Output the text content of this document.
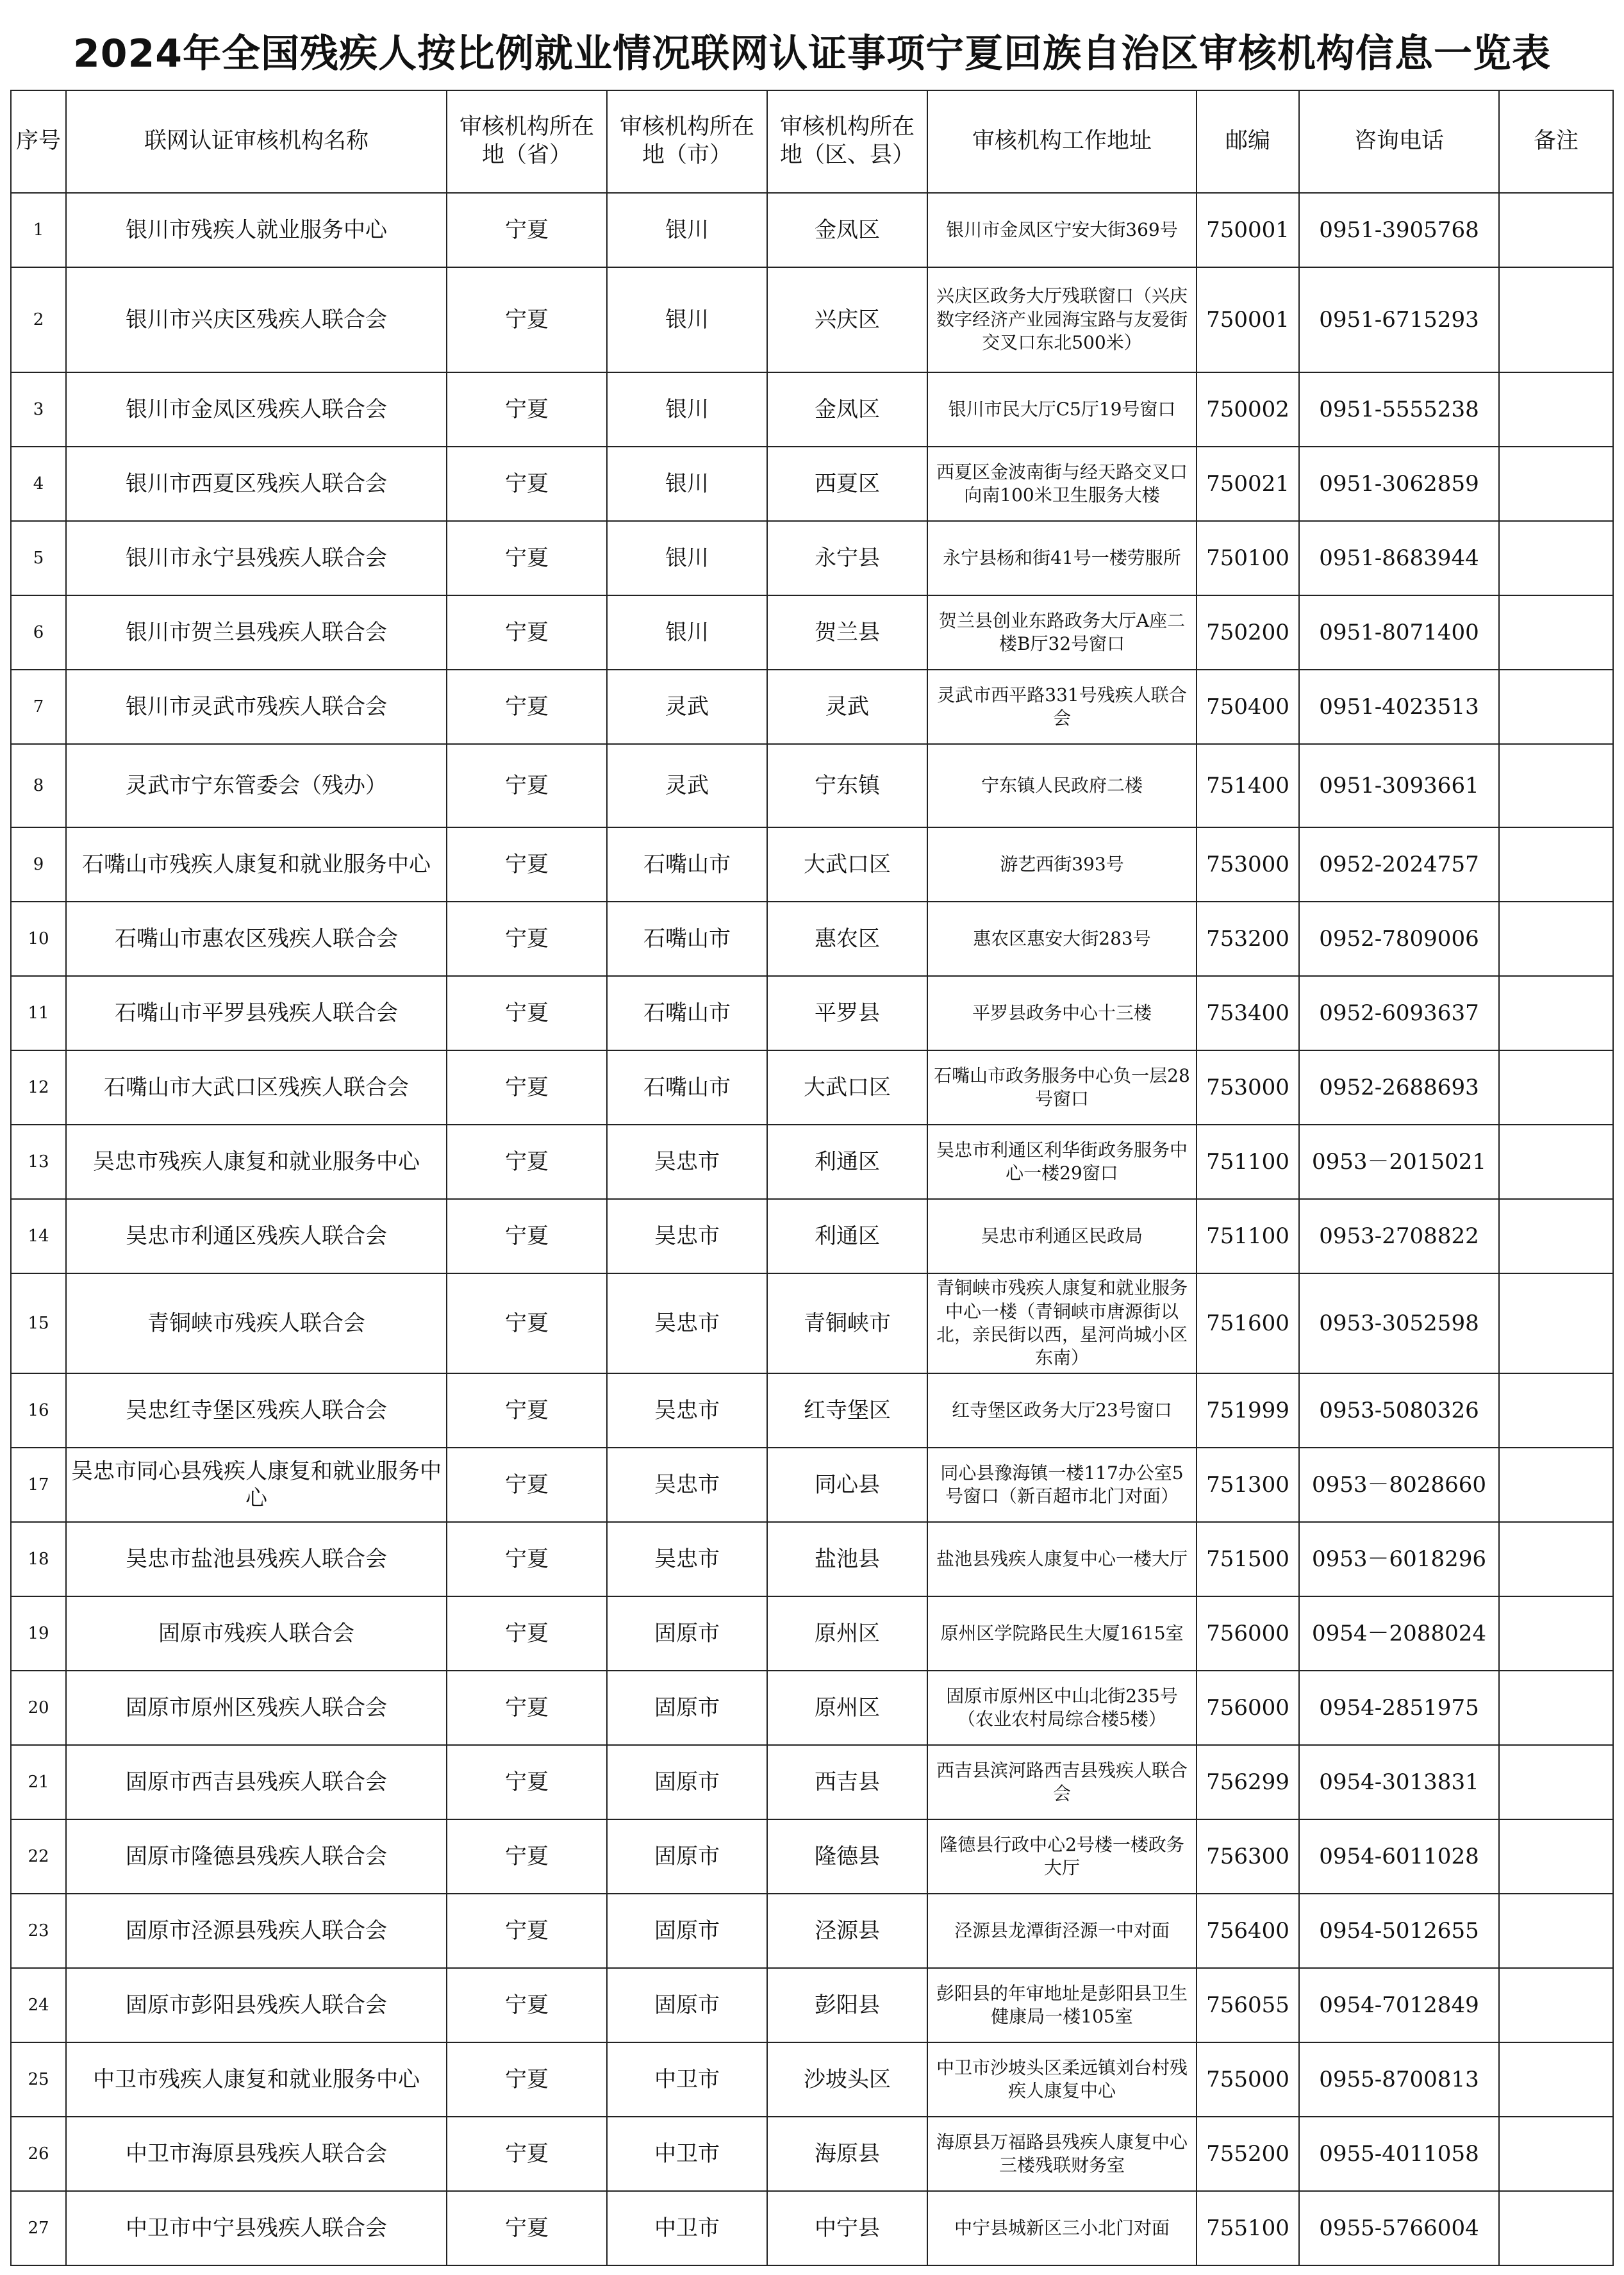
2024年全国残疾人按比例就业情况联网认证事项宁夏回族自治区审核机构信息一览表
序号	联网认证审核机构名称	审核机构所在地（省）	审核机构所在地（市）	审核机构所在地（区、县）	审核机构工作地址	邮编	咨询电话	备注
1	银川市残疾人就业服务中心	宁夏	银川	金凤区	银川市金凤区宁安大街369号	750001	0951-3905768	
2	银川市兴庆区残疾人联合会	宁夏	银川	兴庆区	兴庆区政务大厅残联窗口（兴庆数字经济产业园海宝路与友爱街交叉口东北500米）	750001	0951-6715293	
3	银川市金凤区残疾人联合会	宁夏	银川	金凤区	银川市民大厅C5厅19号窗口	750002	0951-5555238	
4	银川市西夏区残疾人联合会	宁夏	银川	西夏区	西夏区金波南街与经天路交叉口向南100米卫生服务大楼	750021	0951-3062859	
5	银川市永宁县残疾人联合会	宁夏	银川	永宁县	永宁县杨和街41号一楼劳服所	750100	0951-8683944	
6	银川市贺兰县残疾人联合会	宁夏	银川	贺兰县	贺兰县创业东路政务大厅A座二楼B厅32号窗口	750200	0951-8071400	
7	银川市灵武市残疾人联合会	宁夏	灵武	灵武	灵武市西平路331号残疾人联合会	750400	0951-4023513	
8	灵武市宁东管委会（残办）	宁夏	灵武	宁东镇	宁东镇人民政府二楼	751400	0951-3093661	
9	石嘴山市残疾人康复和就业服务中心	宁夏	石嘴山市	大武口区	游艺西街393号	753000	0952-2024757	
10	石嘴山市惠农区残疾人联合会	宁夏	石嘴山市	惠农区	惠农区惠安大街283号	753200	0952-7809006	
11	石嘴山市平罗县残疾人联合会	宁夏	石嘴山市	平罗县	平罗县政务中心十三楼	753400	0952-6093637	
12	石嘴山市大武口区残疾人联合会	宁夏	石嘴山市	大武口区	石嘴山市政务服务中心负一层28号窗口	753000	0952-2688693	
13	吴忠市残疾人康复和就业服务中心	宁夏	吴忠市	利通区	吴忠市利通区利华街政务服务中心一楼29窗口	751100	0953－2015021	
14	吴忠市利通区残疾人联合会	宁夏	吴忠市	利通区	吴忠市利通区民政局	751100	0953-2708822	
15	青铜峡市残疾人联合会	宁夏	吴忠市	青铜峡市	青铜峡市残疾人康复和就业服务中心一楼（青铜峡市唐源街以北，亲民街以西，星河尚城小区东南）	751600	0953-3052598	
16	吴忠红寺堡区残疾人联合会	宁夏	吴忠市	红寺堡区	红寺堡区政务大厅23号窗口	751999	0953-5080326	
17	吴忠市同心县残疾人康复和就业服务中心	宁夏	吴忠市	同心县	同心县豫海镇一楼117办公室5号窗口（新百超市北门对面）	751300	0953－8028660	
18	吴忠市盐池县残疾人联合会	宁夏	吴忠市	盐池县	盐池县残疾人康复中心一楼大厅	751500	0953－6018296	
19	固原市残疾人联合会	宁夏	固原市	原州区	原州区学院路民生大厦1615室	756000	0954－2088024	
20	固原市原州区残疾人联合会	宁夏	固原市	原州区	固原市原州区中山北街235号（农业农村局综合楼5楼）	756000	0954-2851975	
21	固原市西吉县残疾人联合会	宁夏	固原市	西吉县	西吉县滨河路西吉县残疾人联合会	756299	0954-3013831	
22	固原市隆德县残疾人联合会	宁夏	固原市	隆德县	隆德县行政中心2号楼一楼政务大厅	756300	0954-6011028	
23	固原市泾源县残疾人联合会	宁夏	固原市	泾源县	泾源县龙潭街泾源一中对面	756400	0954-5012655	
24	固原市彭阳县残疾人联合会	宁夏	固原市	彭阳县	彭阳县的年审地址是彭阳县卫生健康局一楼105室	756055	0954-7012849	
25	中卫市残疾人康复和就业服务中心	宁夏	中卫市	沙坡头区	中卫市沙坡头区柔远镇刘台村残疾人康复中心	755000	0955-8700813	
26	中卫市海原县残疾人联合会	宁夏	中卫市	海原县	海原县万福路县残疾人康复中心三楼残联财务室	755200	0955-4011058	
27	中卫市中宁县残疾人联合会	宁夏	中卫市	中宁县	中宁县城新区三小北门对面	755100	0955-5766004	
